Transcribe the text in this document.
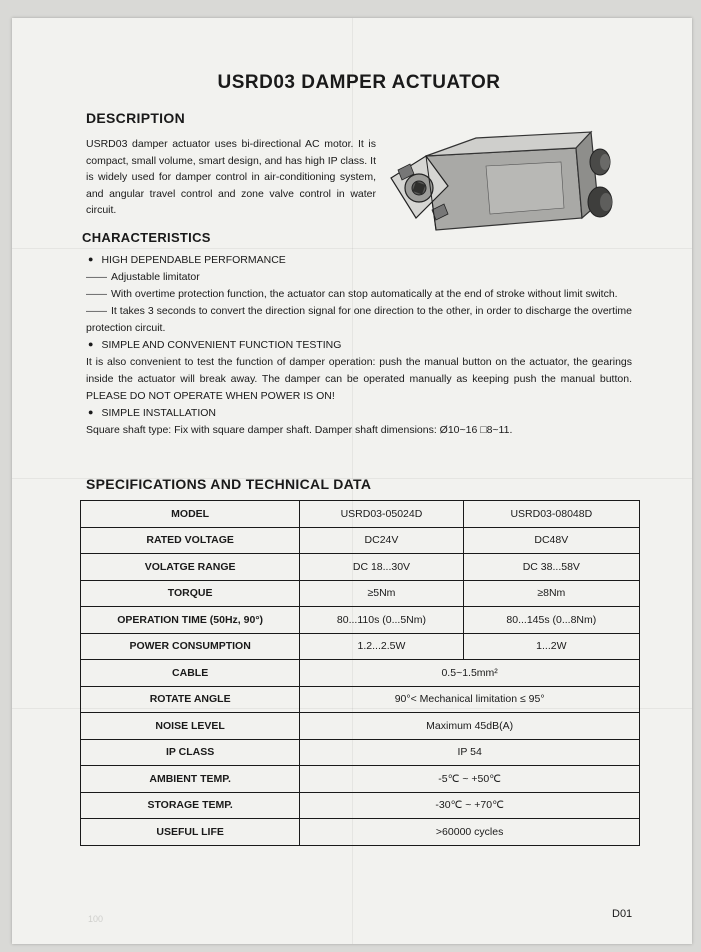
USRD03 DAMPER ACTUATOR
DESCRIPTION
USRD03 damper actuator uses bi-directional AC motor. It is compact, small volume, smart design, and has high IP class. It is widely used for damper control in air-conditioning system, and angular travel control and zone valve control in water circuit.
CHARACTERISTICS

● HIGH DEPENDABLE PERFORMANCE

—— Adjustable limitator

—— With overtime protection function, the actuator can stop automatically at the end of stroke without limit switch.

—— It takes 3 seconds to convert the direction signal for one direction to the other, in order to discharge the overtime protection circuit.

● SIMPLE AND CONVENIENT FUNCTION TESTING

It is also convenient to test the function of damper operation: push the manual button on the actuator, the gearings inside the actuator will break away. The damper can be operated manually as keeping push the manual button. PLEASE DO NOT OPERATE WHEN POWER IS ON!

● SIMPLE INSTALLATION

Square shaft type: Fix with square damper shaft. Damper shaft dimensions: Ø10~16 □8~11.

SPECIFICATIONS AND TECHNICAL DATA
MODEL	USRD03-05024D	USRD03-08048D
RATED VOLTAGE	DC24V	DC48V
VOLATGE RANGE	DC 18...30V	DC 38...58V
TORQUE	≥5Nm	≥8Nm
OPERATION TIME (50Hz, 90°)	80...110s (0...5Nm)	80...145s (0...8Nm)
POWER CONSUMPTION	1.2...2.5W	1...2W
CABLE	0.5~1.5mm²	
ROTATE ANGLE	90°< Mechanical limitation ≤ 95°	
NOISE LEVEL	Maximum 45dB(A)	
IP CLASS	IP 54	
AMBIENT TEMP.	-5℃ ~ +50℃	
STORAGE TEMP.	-30℃ ~ +70℃	
USEFUL LIFE	>60000 cycles	
100	D01
